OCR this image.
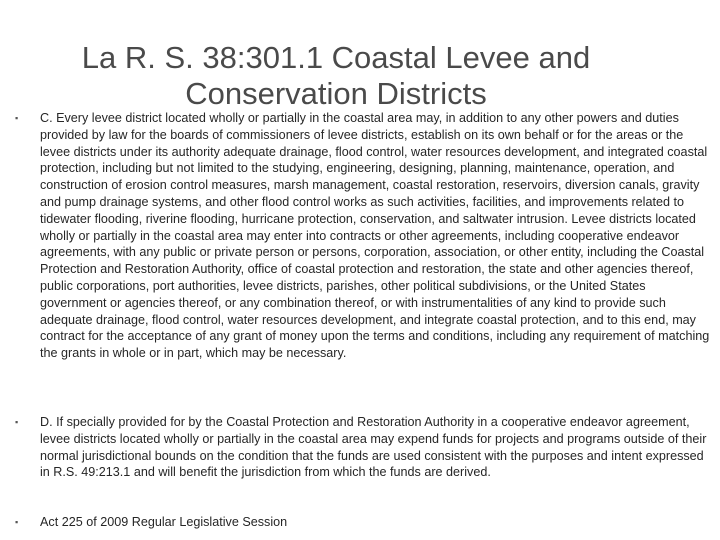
La R. S. 38:301.1 Coastal Levee and Conservation Districts
▪ C. Every levee district located wholly or partially in the coastal area may, in addition to any other powers and duties provided by law for the boards of commissioners of levee districts, establish on its own behalf or for the areas or the levee districts under its authority adequate drainage, flood control, water resources development, and integrated coastal protection, including but not limited to the studying, engineering, designing, planning, maintenance, operation, and construction of erosion control measures, marsh management, coastal restoration, reservoirs, diversion canals, gravity and pump drainage systems, and other flood control works as such activities, facilities, and improvements related to tidewater flooding, riverine flooding, hurricane protection, conservation, and saltwater intrusion. Levee districts located wholly or partially in the coastal area may enter into contracts or other agreements, including cooperative endeavor agreements, with any public or private person or persons, corporation, association, or other entity, including the Coastal Protection and Restoration Authority, office of coastal protection and restoration, the state and other agencies thereof, public corporations, port authorities, levee districts, parishes, other political subdivisions, or the United States government or agencies thereof, or any combination thereof, or with instrumentalities of any kind to provide such adequate drainage, flood control, water resources development, and integrate coastal protection, and to this end, may contract for the acceptance of any grant of money upon the terms and conditions, including any requirement of matching the grants in whole or in part, which may be necessary.
▪ D. If specially provided for by the Coastal Protection and Restoration Authority in a cooperative endeavor agreement, levee districts located wholly or partially in the coastal area may expend funds for projects and programs outside of their normal jurisdictional bounds on the condition that the funds are used consistent with the purposes and intent expressed in R.S. 49:213.1 and will benefit the jurisdiction from which the funds are derived.
▪ Act 225 of 2009 Regular Legislative Session
